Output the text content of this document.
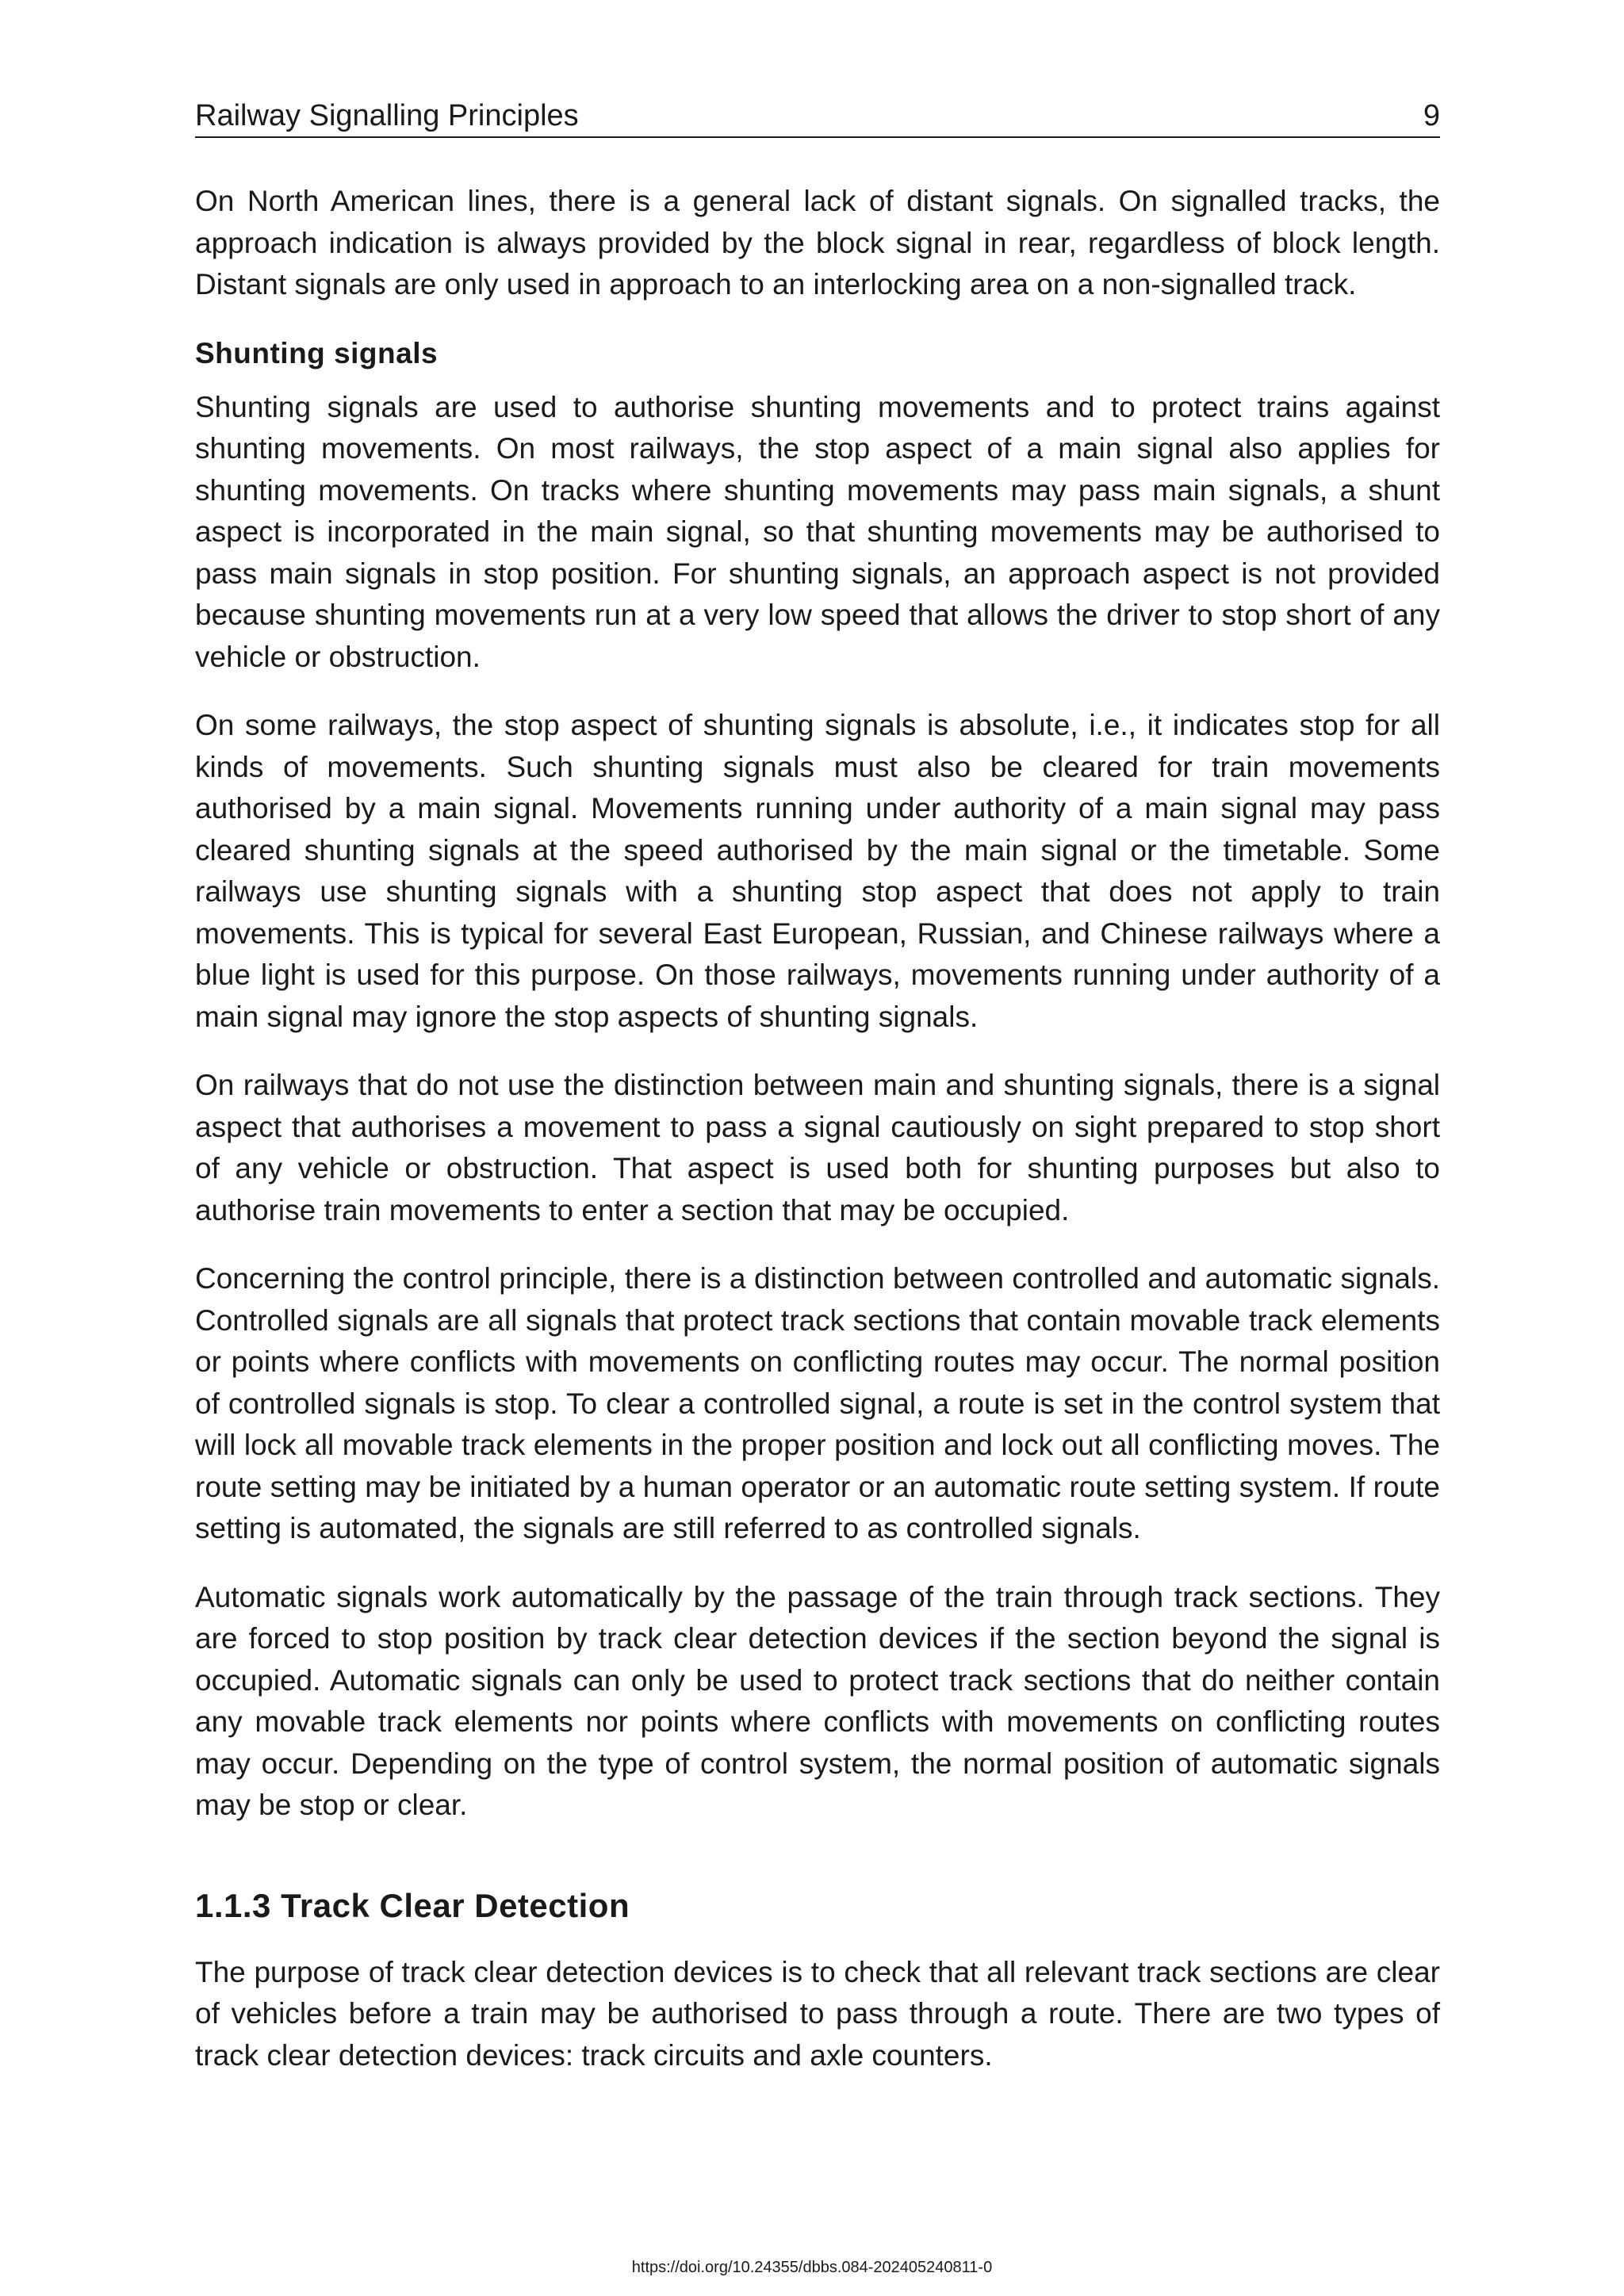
Railway Signalling Principles	9

On North American lines, there is a general lack of distant signals. On signalled tracks, the approach indication is always provided by the block signal in rear, regardless of block length. Distant signals are only used in approach to an interlocking area on a non-signalled track.

Shunting signals

Shunting signals are used to authorise shunting movements and to protect trains against shunting movements. On most railways, the stop aspect of a main signal also applies for shunting movements. On tracks where shunting movements may pass main signals, a shunt aspect is incorporated in the main signal, so that shunting movements may be authorised to pass main signals in stop position. For shunting signals, an approach aspect is not provided because shunting movements run at a very low speed that allows the driver to stop short of any vehicle or obstruction.

On some railways, the stop aspect of shunting signals is absolute, i.e., it indicates stop for all kinds of movements. Such shunting signals must also be cleared for train movements authorised by a main signal. Movements running under authority of a main signal may pass cleared shunting signals at the speed authorised by the main signal or the timetable. Some railways use shunting signals with a shunting stop aspect that does not apply to train movements. This is typical for several East European, Russian, and Chinese railways where a blue light is used for this purpose. On those railways, movements running under authority of a main signal may ignore the stop aspects of shunting signals.

On railways that do not use the distinction between main and shunting signals, there is a signal aspect that authorises a movement to pass a signal cautiously on sight prepared to stop short of any vehicle or obstruction. That aspect is used both for shunting purposes but also to authorise train movements to enter a section that may be occupied.

Concerning the control principle, there is a distinction between controlled and automatic signals. Controlled signals are all signals that protect track sections that contain movable track elements or points where conflicts with movements on conflicting routes may occur. The normal position of controlled signals is stop. To clear a controlled signal, a route is set in the control system that will lock all movable track elements in the proper position and lock out all conflicting moves. The route setting may be initiated by a human operator or an automatic route setting system. If route setting is automated, the signals are still referred to as controlled signals.

Automatic signals work automatically by the passage of the train through track sections. They are forced to stop position by track clear detection devices if the section beyond the signal is occupied. Automatic signals can only be used to protect track sections that do neither contain any movable track elements nor points where conflicts with movements on conflicting routes may occur. Depending on the type of control system, the normal position of automatic signals may be stop or clear.

1.1.3 Track Clear Detection

The purpose of track clear detection devices is to check that all relevant track sections are clear of vehicles before a train may be authorised to pass through a route. There are two types of track clear detection devices: track circuits and axle counters.

https://doi.org/10.24355/dbbs.084-202405240811-0
